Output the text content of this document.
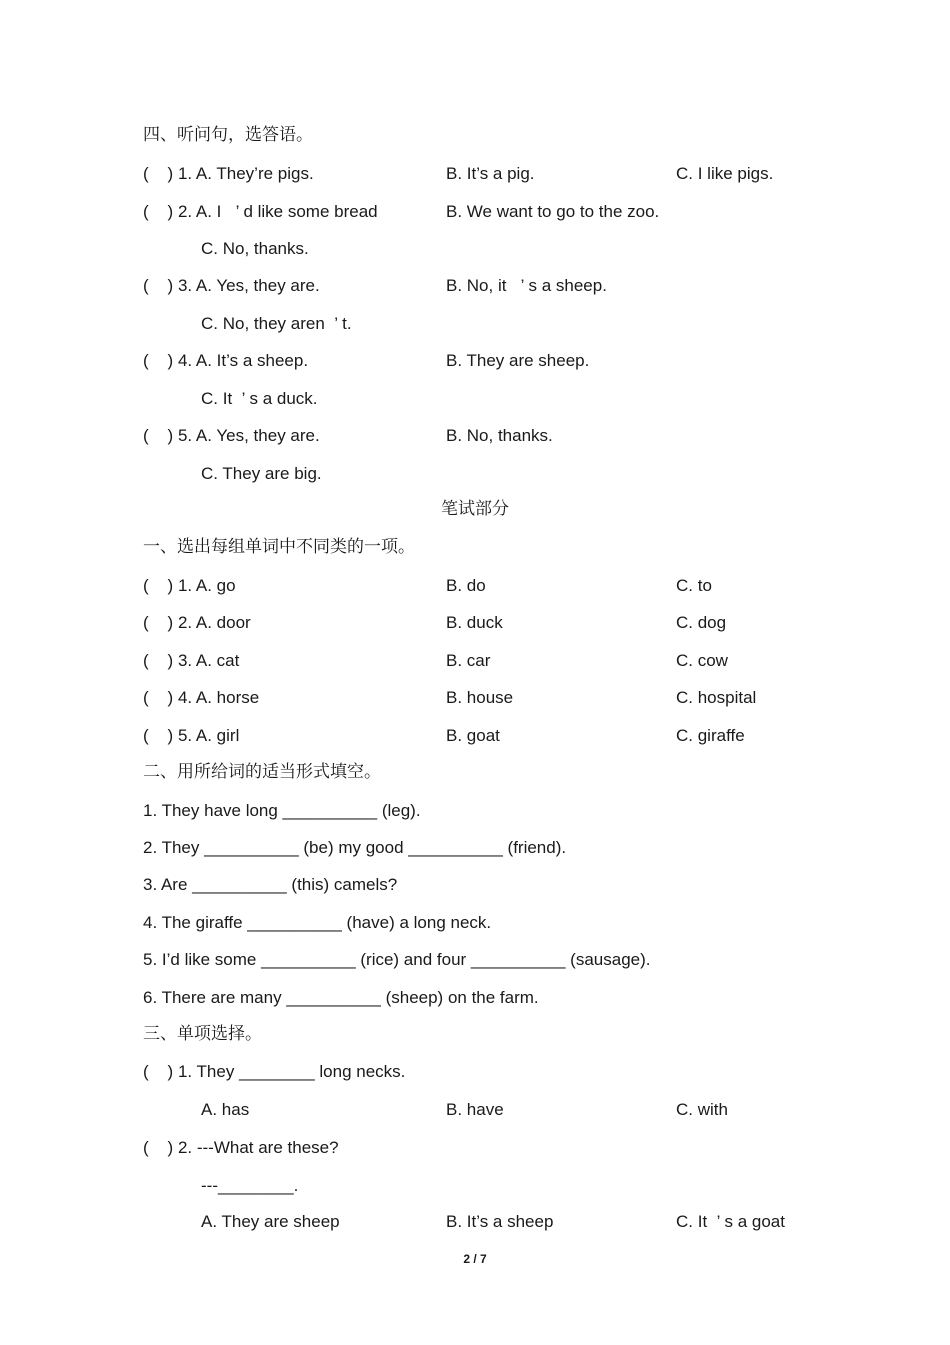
四、听问句，选答语。
(    ) 1. A. They’re pigs.	B. It’s a pig.	C. I like pigs.
(    ) 2. A. I   ’ d like some bread	B. We want to go to the zoo.
C. No, thanks.
(    ) 3. A. Yes, they are.	B. No, it   ’ s a sheep.
C. No, they aren  ’ t.
(    ) 4. A. It’s a sheep.	B. They are sheep.
C. It  ’ s a duck.
(    ) 5. A. Yes, they are.	B. No, thanks.
C. They are big.
笔试部分
一、选出每组单词中不同类的一项。
(    ) 1. A. go	B. do	C. to
(    ) 2. A. door	B. duck	C. dog
(    ) 3. A. cat	B. car	C. cow
(    ) 4. A. horse	B. house	C. hospital
(    ) 5. A. girl	B. goat	C. giraffe
二、用所给词的适当形式填空。
1. They have long __________ (leg).
2. They __________ (be) my good __________ (friend).
3. Are __________ (this) camels?
4. The giraffe __________ (have) a long neck.
5. I’d like some __________ (rice) and four __________ (sausage).
6. There are many __________ (sheep) on the farm.
三、单项选择。
(    ) 1. They ________ long necks.
A. has	B. have	C. with
(    ) 2. ---What are these?
---________.
A. They are sheep	B. It’s a sheep	C. It  ’ s a goat
2 / 7
